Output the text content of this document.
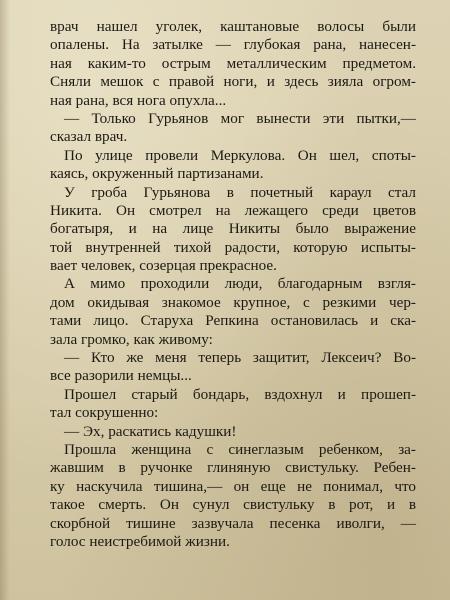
врач нашел уголек, каштановые волосы были
опалены. На затылке — глубокая рана, нанесен-
ная каким-то острым металлическим предметом.
Сняли мешок с правой ноги, и здесь зияла огром-
ная рана, вся нога опухла...
— Только Гурьянов мог вынести эти пытки,—
сказал врач.
По улице провели Меркулова. Он шел, споты-
каясь, окруженный партизанами.
У гроба Гурьянова в почетный караул стал
Никита. Он смотрел на лежащего среди цветов
богатыря, и на лице Никиты было выражение
той внутренней тихой радости, которую испыты-
вает человек, созерцая прекрасное.
А мимо проходили люди, благодарным взгля-
дом окидывая знакомое крупное, с резкими чер-
тами лицо. Старуха Репкина остановилась и ска-
зала громко, как живому:
— Кто же меня теперь защитит, Лексеич? Во-
все разорили немцы...
Прошел старый бондарь, вздохнул и прошеп-
тал сокрушенно:
— Эх, раскатись кадушки!
Прошла женщина с синеглазым ребенком, за-
жавшим в ручонке глиняную свистульку. Ребен-
ку наскучила тишина,— он еще не понимал, что
такое смерть. Он сунул свистульку в рот, и в
скорбной тишине зазвучала песенка иволги, —
голос неистребимой жизни.
